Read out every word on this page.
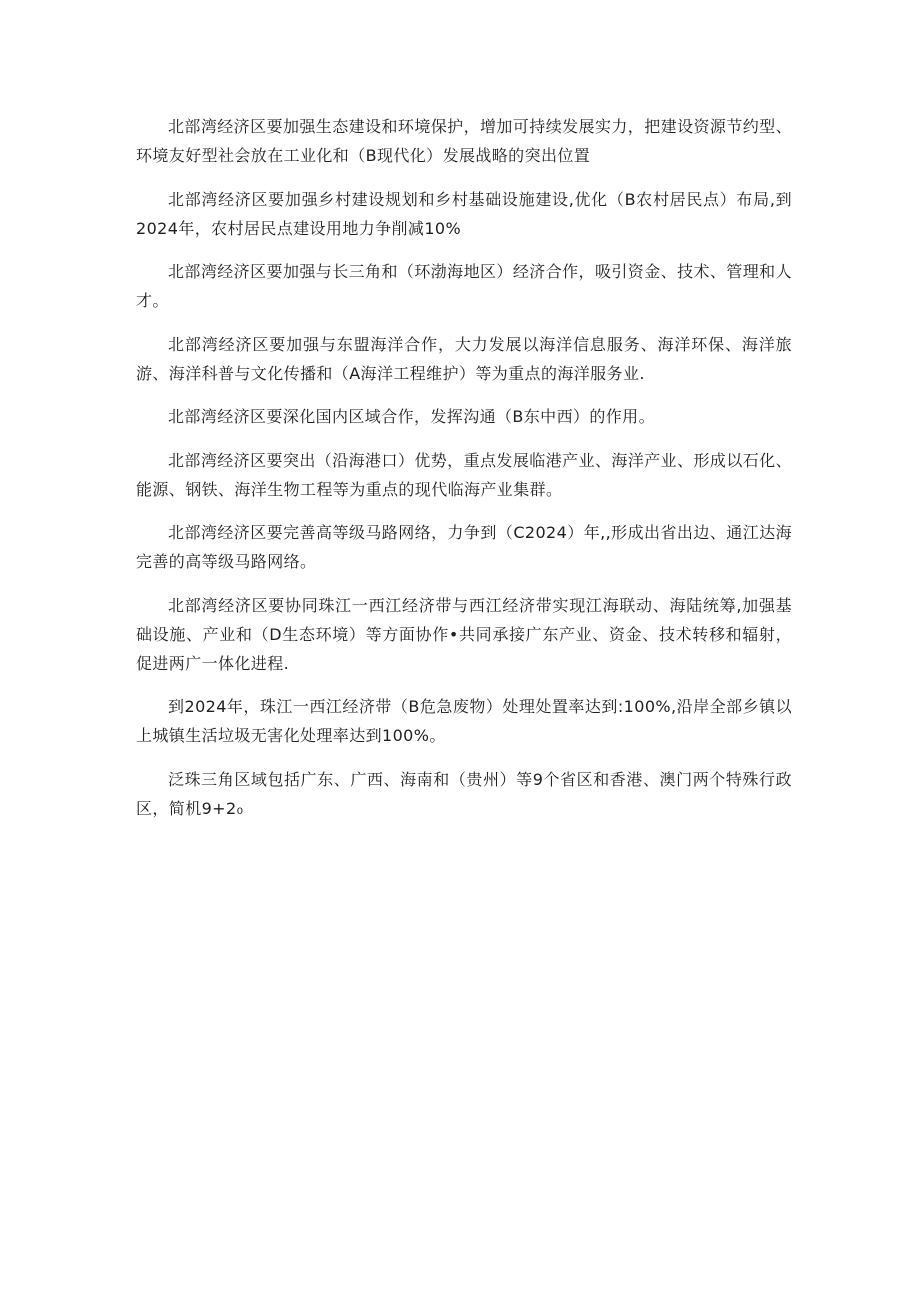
北部湾经济区要加强生态建设和环境保护，增加可持续发展实力，把建设资源节约型、环境友好型社会放在工业化和（B现代化）发展战略的突出位置

北部湾经济区要加强乡村建设规划和乡村基础设施建设,优化（B农村居民点）布局,到2024年，农村居民点建设用地力争削减10%

北部湾经济区要加强与长三角和（环渤海地区）经济合作，吸引资金、技术、管理和人才。

北部湾经济区要加强与东盟海洋合作，大力发展以海洋信息服务、海洋环保、海洋旅游、海洋科普与文化传播和（A海洋工程维护）等为重点的海洋服务业.

北部湾经济区要深化国内区域合作，发挥沟通（B东中西）的作用。

北部湾经济区要突出（沿海港口）优势，重点发展临港产业、海洋产业、形成以石化、能源、钢铁、海洋生物工程等为重点的现代临海产业集群。

北部湾经济区要完善高等级马路网络，力争到（C2024）年,,形成出省出边、通江达海完善的高等级马路网络。

北部湾经济区要协同珠江一西江经济带与西江经济带实现江海联动、海陆统筹,加强基础设施、产业和（D生态环境）等方面协作•共同承接广东产业、资金、技术转移和辐射，促进两广一体化进程.

到2024年，珠江一西江经济带（B危急废物）处理处置率达到:100%,沿岸全部乡镇以上城镇生活垃圾无害化处理率达到100%。

泛珠三角区域包括广东、广西、海南和（贵州）等9个省区和香港、澳门两个特殊行政区，简机9+2₀
